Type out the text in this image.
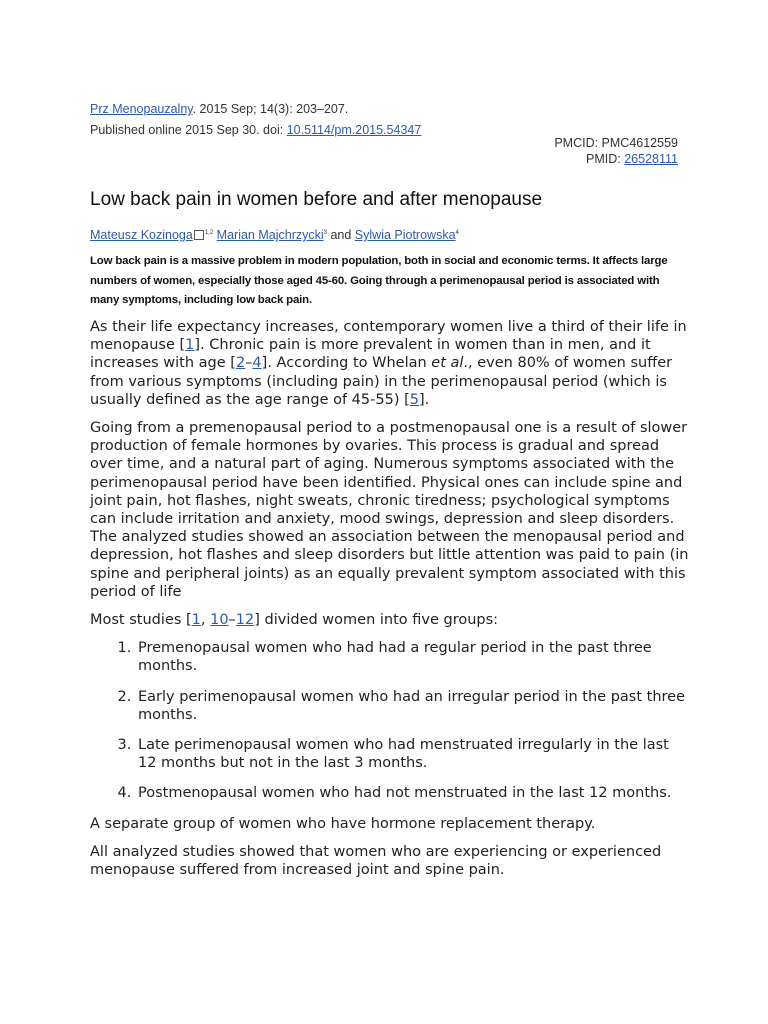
Prz Menopauzalny. 2015 Sep; 14(3): 203–207.
Published online 2015 Sep 30. doi: 10.5114/pm.2015.54347
PMCID: PMC4612559
PMID: 26528111
Low back pain in women before and after menopause
Mateusz Kozinoga $^{1,2}$ Marian Majchrzycki$^3$ and Sylwia Piotrowska$^4$
Low back pain is a massive problem in modern population, both in social and economic terms. It affects large numbers of women, especially those aged 45-60. Going through a perimenopausal period is associated with many symptoms, including low back pain.

As their life expectancy increases, contemporary women live a third of their life in menopause [1]. Chronic pain is more prevalent in women than in men, and it increases with age [2–4]. According to Whelan et al., even 80% of women suffer from various symptoms (including pain) in the perimenopausal period (which is usually defined as the age range of 45-55) [5].

Going from a premenopausal period to a postmenopausal one is a result of slower production of female hormones by ovaries. This process is gradual and spread over time, and a natural part of aging. Numerous symptoms associated with the perimenopausal period have been identified. Physical ones can include spine and joint pain, hot flashes, night sweats, chronic tiredness; psychological symptoms can include irritation and anxiety, mood swings, depression and sleep disorders. The analyzed studies showed an association between the menopausal period and depression, hot flashes and sleep disorders but little attention was paid to pain (in spine and peripheral joints) as an equally prevalent symptom associated with this period of life

Most studies [1, 10–12] divided women into five groups:

1. Premenopausal women who had had a regular period in the past three months.
2. Early perimenopausal women who had an irregular period in the past three months.
3. Late perimenopausal women who had menstruated irregularly in the last 12 months but not in the last 3 months.
4. Postmenopausal women who had not menstruated in the last 12 months.

A separate group of women who have hormone replacement therapy.

All analyzed studies showed that women who are experiencing or experienced menopause suffered from increased joint and spine pain.
